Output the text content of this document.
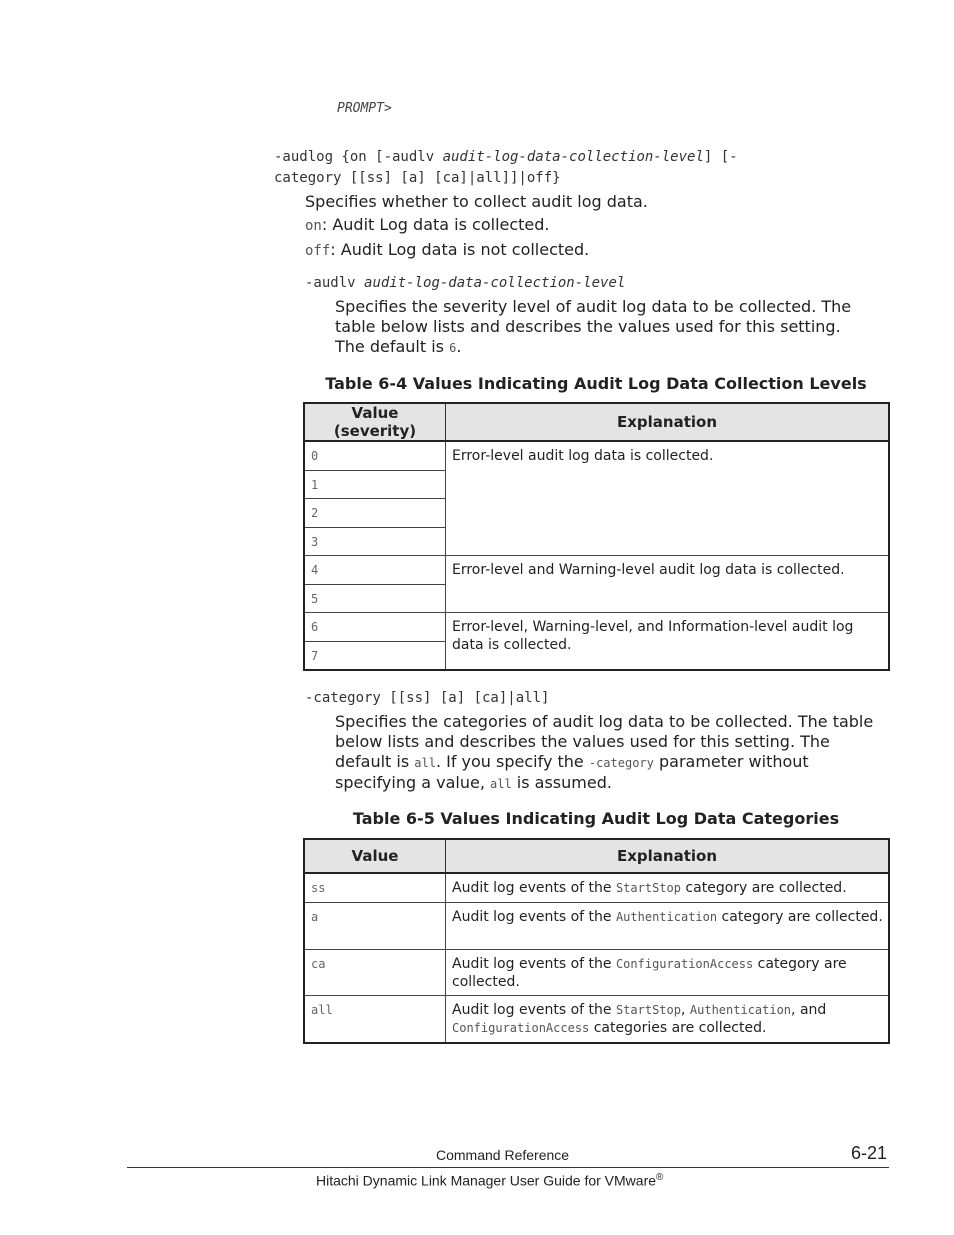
PROMPT>
-audlog {on [-audlv audit-log-data-collection-level] [-
category [[ss] [a] [ca]|all]]|off}
Specifies whether to collect audit log data.
on: Audit Log data is collected.
off: Audit Log data is not collected.
-audlv audit-log-data-collection-level
Specifies the severity level of audit log data to be collected. The
table below lists and describes the values used for this setting.
The default is 6.
Table 6-4 Values Indicating Audit Log Data Collection Levels
Value (severity)	Explanation
0	Error-level audit log data is collected.
1	
2	
3	
4	Error-level and Warning-level audit log data is collected.
5	
6	Error-level, Warning-level, and Information-level audit log data is collected.
7	
-category [[ss] [a] [ca]|all]
Specifies the categories of audit log data to be collected. The table
below lists and describes the values used for this setting. The
default is all. If you specify the -category parameter without
specifying a value, all is assumed.
Table 6-5 Values Indicating Audit Log Data Categories
Value	Explanation
ss	Audit log events of the StartStop category are collected.
a	Audit log events of the Authentication category are collected.
ca	Audit log events of the ConfigurationAccess category are collected.
all	Audit log events of the StartStop, Authentication, and
ConfigurationAccess categories are collected.
Command Reference	6-21
Hitachi Dynamic Link Manager User Guide for VMware®
